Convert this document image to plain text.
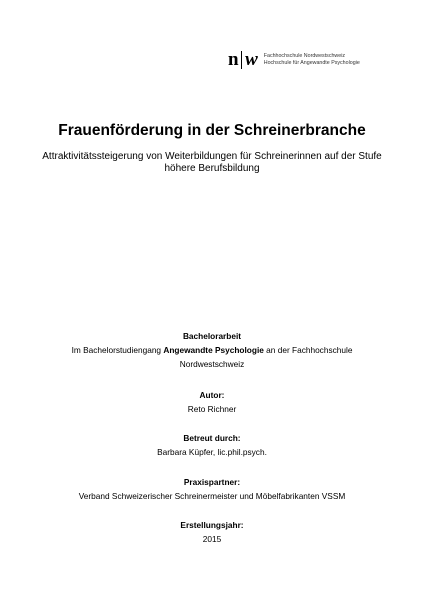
n w Fachhochschule Nordwestschweiz
Hochschule für Angewandte Psychologie
Frauenförderung in der Schreinerbranche

Attraktivitätssteigerung von Weiterbildungen für Schreinerinnen auf der Stufe höhere Berufsbildung

Bachelorarbeit
Im Bachelorstudiengang Angewandte Psychologie an der Fachhochschule
Nordwestschweiz
Autor:
Reto Richner
Betreut durch:
Barbara Küpfer, lic.phil.psych.
Praxispartner:
Verband Schweizerischer Schreinermeister und Möbelfabrikanten VSSM
Erstellungsjahr:
2015
